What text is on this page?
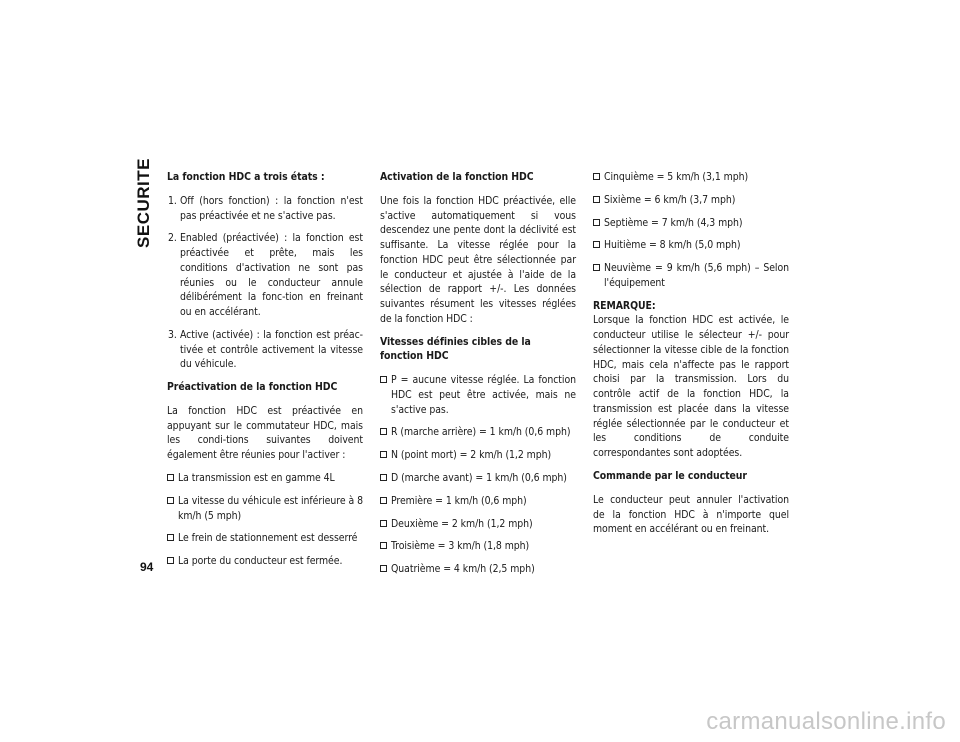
SECURITE
94
La fonction HDC a trois états :
1. Off (hors fonction) : la fonction n'est pas préactivée et ne s'active pas.
2. Enabled (préactivée) : la fonction est préactivée et prête, mais les conditions d'activation ne sont pas réunies ou le conducteur annule délibérément la fonc-tion en freinant ou en accélérant.
3. Active (activée) : la fonction est préac-tivée et contrôle activement la vitesse du véhicule.
Préactivation de la fonction HDC

La fonction HDC est préactivée en appuyant sur le commutateur HDC, mais les condi-tions suivantes doivent également être réunies pour l'activer :

La transmission est en gamme 4L
La vitesse du véhicule est inférieure à 8 km/h (5 mph)
Le frein de stationnement est desserré
La porte du conducteur est fermée.
Activation de la fonction HDC

Une fois la fonction HDC préactivée, elle s'active automatiquement si vous descendez une pente dont la déclivité est suffisante. La vitesse réglée pour la fonction HDC peut être sélectionnée par le conducteur et ajustée à l'aide de la sélection de rapport +/-. Les données suivantes résument les vitesses réglées de la fonction HDC :

Vitesses définies cibles de la fonction HDC
P = aucune vitesse réglée. La fonction HDC est peut être activée, mais ne s'active pas.
R (marche arrière) = 1 km/h (0,6 mph)
N (point mort) = 2 km/h (1,2 mph)
D (marche avant) = 1 km/h (0,6 mph)
Première = 1 km/h (0,6 mph)
Deuxième = 2 km/h (1,2 mph)
Troisième = 3 km/h (1,8 mph)
Quatrième = 4 km/h (2,5 mph)
Cinquième = 5 km/h (3,1 mph)
Sixième = 6 km/h (3,7 mph)
Septième = 7 km/h (4,3 mph)
Huitième = 8 km/h (5,0 mph)
Neuvième = 9 km/h (5,6 mph) – Selon l'équipement
REMARQUE:

Lorsque la fonction HDC est activée, le conducteur utilise le sélecteur +/- pour sélectionner la vitesse cible de la fonction HDC, mais cela n'affecte pas le rapport choisi par la transmission. Lors du contrôle actif de la fonction HDC, la transmission est placée dans la vitesse réglée sélectionnée par le conducteur et les conditions de conduite correspondantes sont adoptées.

Commande par le conducteur

Le conducteur peut annuler l'activation de la fonction HDC à n'importe quel moment en accélérant ou en freinant.

carmanualsonline.info
